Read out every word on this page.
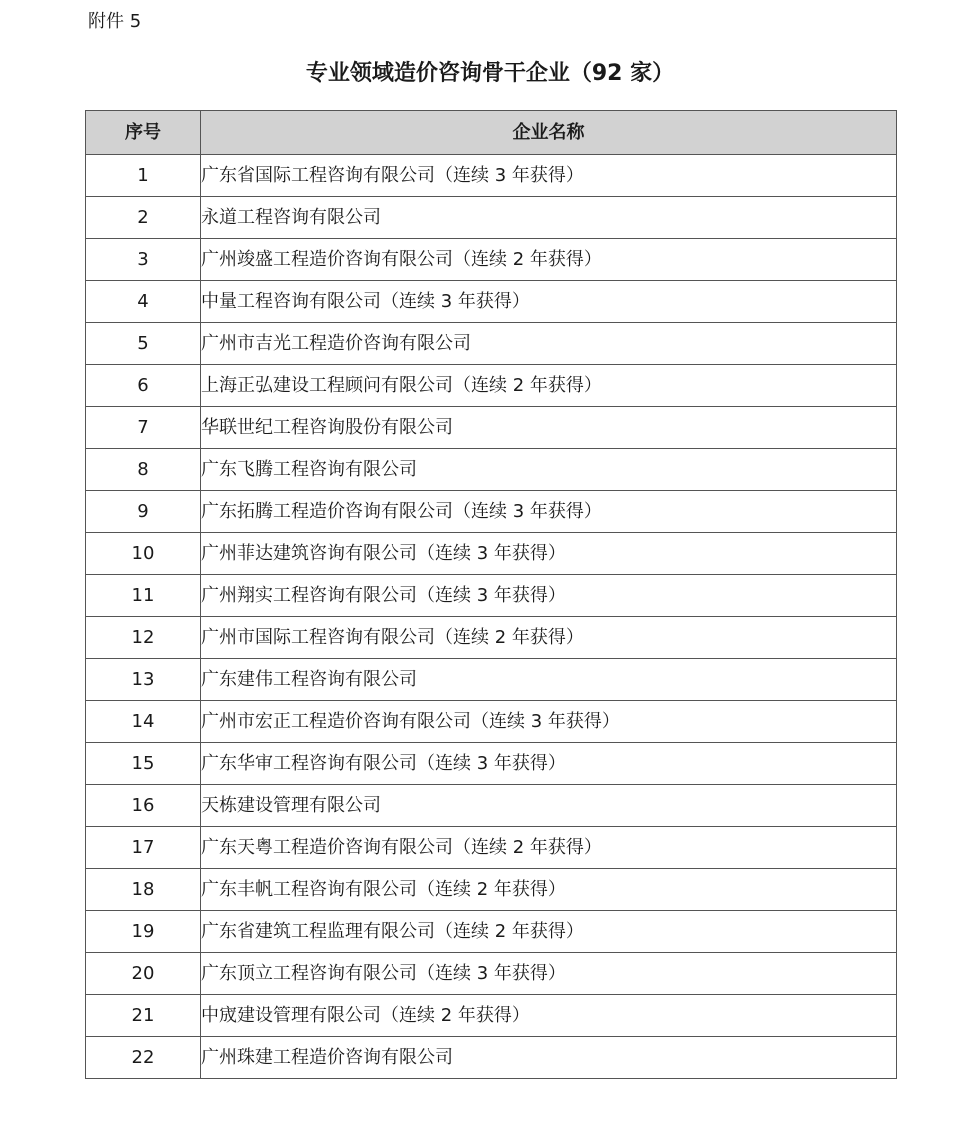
附件 5
专业领域造价咨询骨干企业（92 家）
序号	企业名称
1	广东省国际工程咨询有限公司（连续 3 年获得）
2	永道工程咨询有限公司
3	广州竣盛工程造价咨询有限公司（连续 2 年获得）
4	中量工程咨询有限公司（连续 3 年获得）
5	广州市吉光工程造价咨询有限公司
6	上海正弘建设工程顾问有限公司（连续 2 年获得）
7	华联世纪工程咨询股份有限公司
8	广东飞腾工程咨询有限公司
9	广东拓腾工程造价咨询有限公司（连续 3 年获得）
10	广州菲达建筑咨询有限公司（连续 3 年获得）
11	广州翔实工程咨询有限公司（连续 3 年获得）
12	广州市国际工程咨询有限公司（连续 2 年获得）
13	广东建伟工程咨询有限公司
14	广州市宏正工程造价咨询有限公司（连续 3 年获得）
15	广东华审工程咨询有限公司（连续 3 年获得）
16	天栋建设管理有限公司
17	广东天粤工程造价咨询有限公司（连续 2 年获得）
18	广东丰帆工程咨询有限公司（连续 2 年获得）
19	广东省建筑工程监理有限公司（连续 2 年获得）
20	广东顶立工程咨询有限公司（连续 3 年获得）
21	中宬建设管理有限公司（连续 2 年获得）
22	广州珠建工程造价咨询有限公司
